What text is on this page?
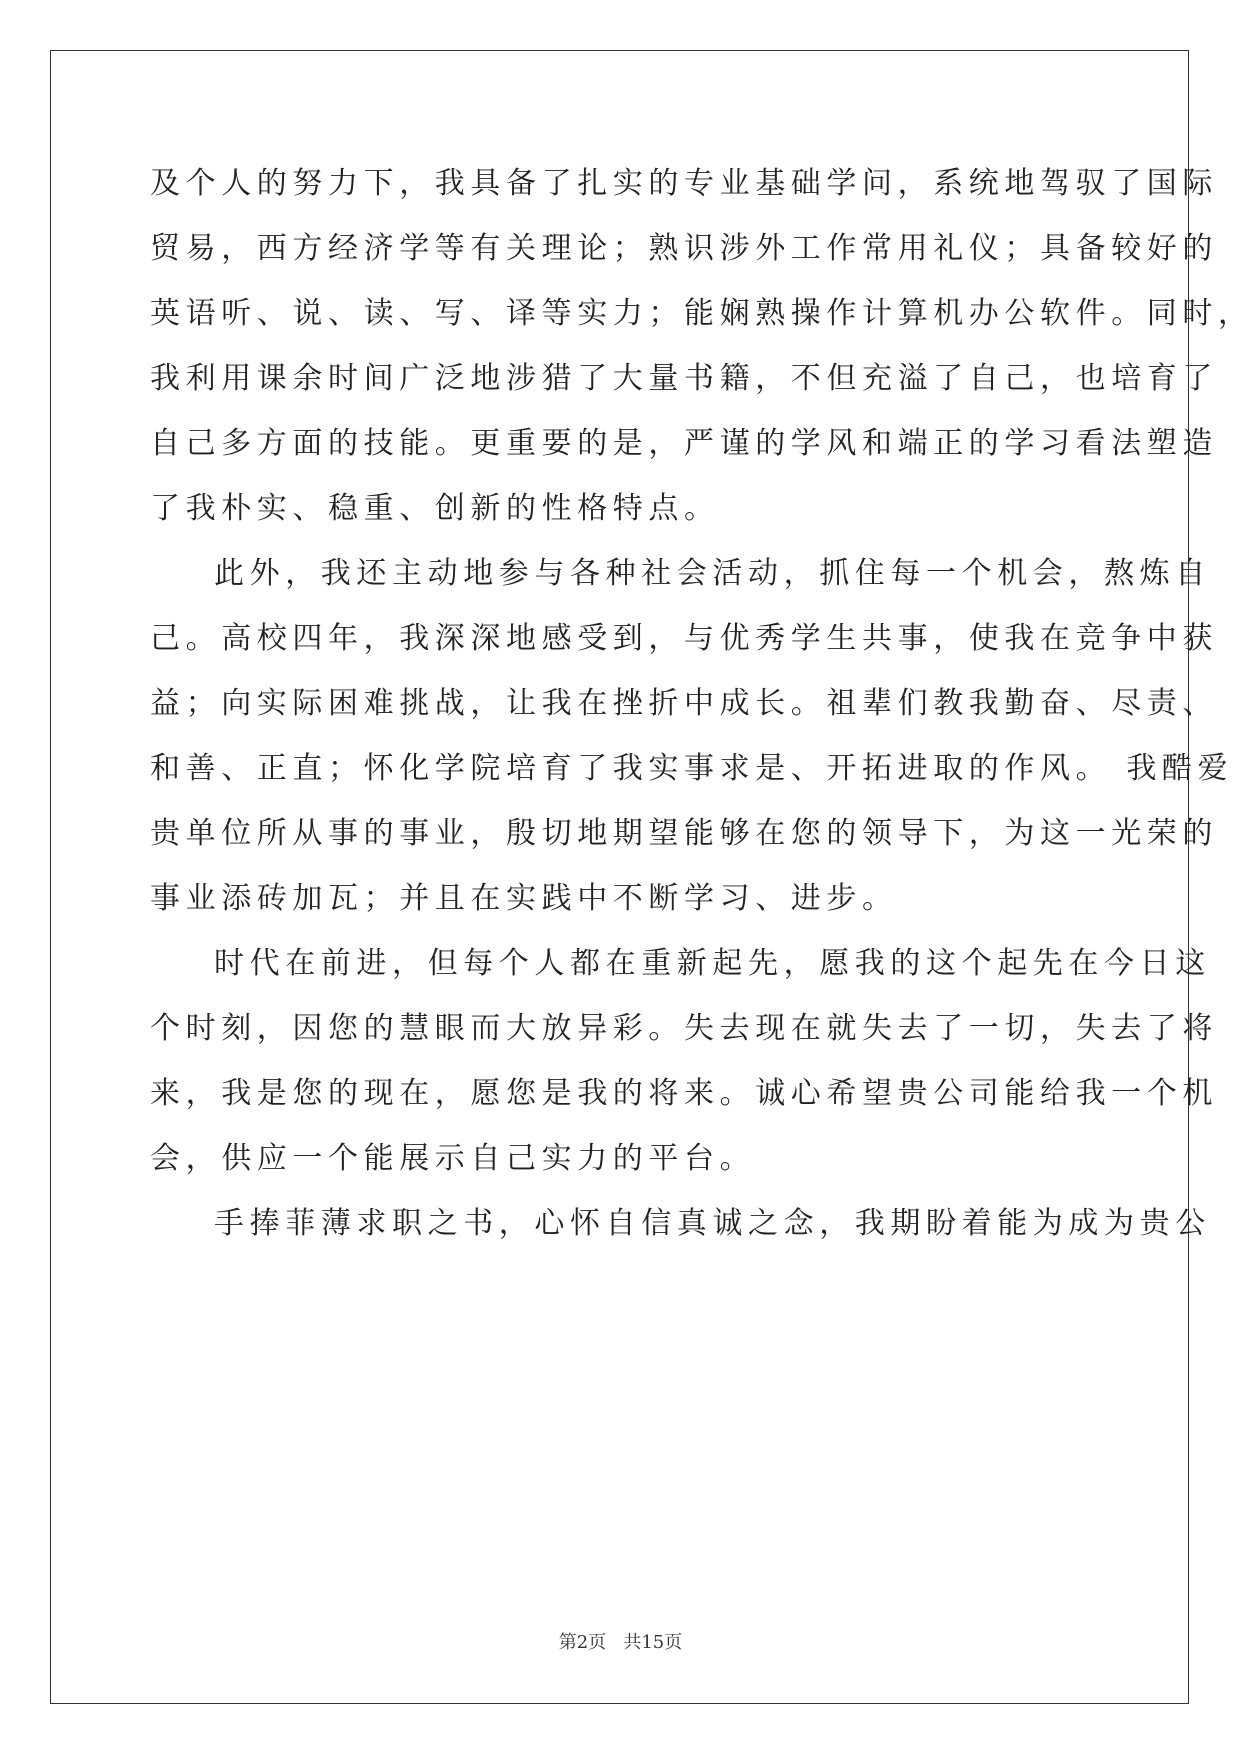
及个人的努力下，我具备了扎实的专业基础学问，系统地驾驭了国际
贸易，西方经济学等有关理论；熟识涉外工作常用礼仪；具备较好的
英语听、说、读、写、译等实力；能娴熟操作计算机办公软件。同时，
我利用课余时间广泛地涉猎了大量书籍，不但充溢了自己，也培育了
自己多方面的技能。更重要的是，严谨的学风和端正的学习看法塑造
了我朴实、稳重、创新的性格特点。
此外，我还主动地参与各种社会活动，抓住每一个机会，熬炼自
己。高校四年，我深深地感受到，与优秀学生共事，使我在竞争中获
益；向实际困难挑战，让我在挫折中成长。祖辈们教我勤奋、尽责、
和善、正直；怀化学院培育了我实事求是、开拓进取的作风。 我酷爱
贵单位所从事的事业，殷切地期望能够在您的领导下，为这一光荣的
事业添砖加瓦；并且在实践中不断学习、进步。
时代在前进，但每个人都在重新起先，愿我的这个起先在今日这
个时刻，因您的慧眼而大放异彩。失去现在就失去了一切，失去了将
来，我是您的现在，愿您是我的将来。诚心希望贵公司能给我一个机
会，供应一个能展示自己实力的平台。
手捧菲薄求职之书，心怀自信真诚之念，我期盼着能为成为贵公
第2页   共15页
